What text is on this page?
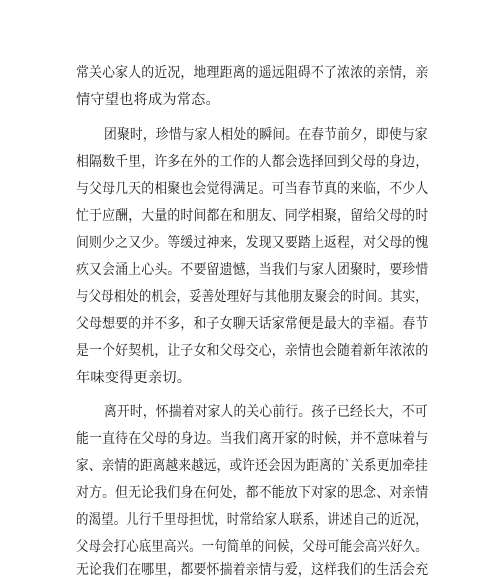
常关心家人的近况，地理距离的遥远阻碍不了浓浓的亲情，亲
情守望也将成为常态。
团聚时，珍惜与家人相处的瞬间。在春节前夕，即使与家
相隔数千里，许多在外的工作的人都会选择回到父母的身边，
与父母几天的相聚也会觉得满足。可当春节真的来临，不少人
忙于应酬，大量的时间都在和朋友、同学相聚，留给父母的时
间则少之又少。等缓过神来，发现又要踏上返程，对父母的愧
疚又会涌上心头。不要留遗憾，当我们与家人团聚时，要珍惜
与父母相处的机会，妥善处理好与其他朋友聚会的时间。其实，
父母想要的并不多，和子女聊天话家常便是最大的幸福。春节
是一个好契机，让子女和父母交心，亲情也会随着新年浓浓的
年味变得更亲切。
离开时，怀揣着对家人的关心前行。孩子已经长大，不可
能一直待在父母的身边。当我们离开家的时候，并不意味着与
家、亲情的距离越来越远，或许还会因为距离的`关系更加牵挂
对方。但无论我们身在何处，都不能放下对家的思念、对亲情
的渴望。儿行千里母担忧，时常给家人联系，讲述自己的近况，
父母会打心底里高兴。一句简单的问候，父母可能会高兴好久。
无论我们在哪里，都要怀揣着亲情与爱，这样我们的生活会充
